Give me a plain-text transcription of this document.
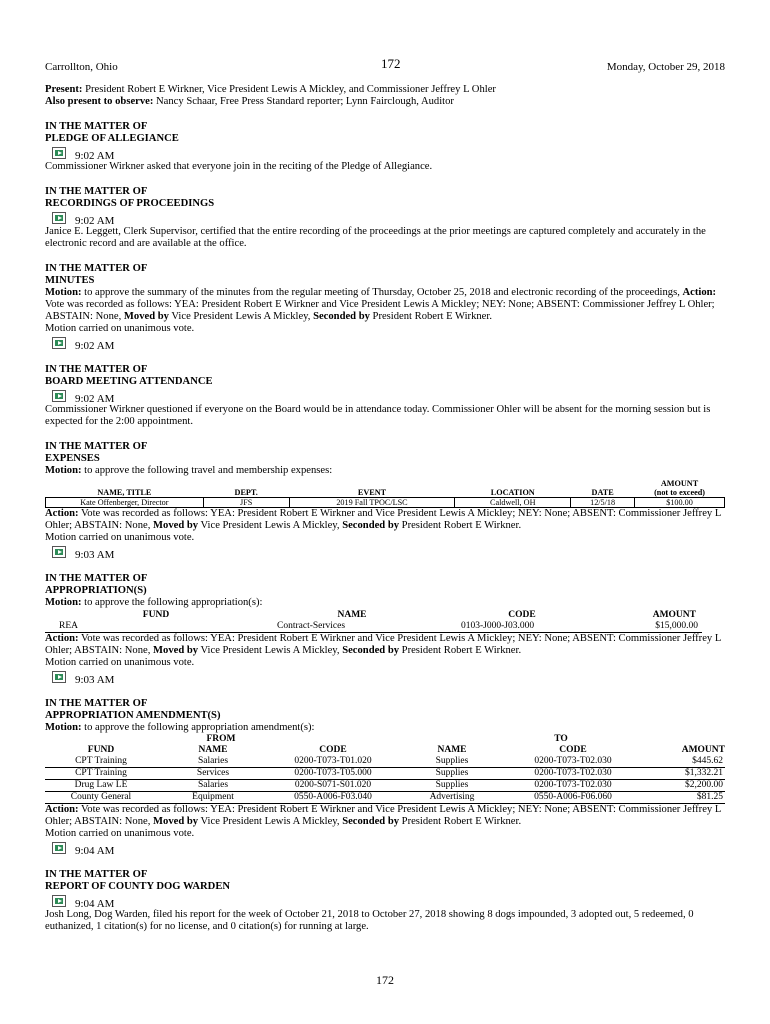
Carrollton, Ohio	172	Monday, October 29, 2018

Present: President Robert E Wirkner, Vice President Lewis A Mickley, and Commissioner Jeffrey L Ohler

Also present to observe: Nancy Schaar, Free Press Standard reporter; Lynn Fairclough, Auditor

IN THE MATTER OF
PLEDGE OF ALLEGIANCE
9:02 AM

Commissioner Wirkner asked that everyone join in the reciting of the Pledge of Allegiance.

IN THE MATTER OF
RECORDINGS OF PROCEEDINGS
9:02 AM

Janice E. Leggett, Clerk Supervisor, certified that the entire recording of the proceedings at the prior meetings are captured completely and accurately in the electronic record and are available at the office.

IN THE MATTER OF
MINUTES

Motion: to approve the summary of the minutes from the regular meeting of Thursday, October 25, 2018 and electronic recording of the proceedings, Action: Vote was recorded as follows: YEA: President Robert E Wirkner and Vice President Lewis A Mickley; NEY: None; ABSENT: Commissioner Jeffrey L Ohler; ABSTAIN: None, Moved by Vice President Lewis A Mickley, Seconded by President Robert E Wirkner.

Motion carried on unanimous vote.

9:02 AM
IN THE MATTER OF
BOARD MEETING ATTENDANCE
9:02 AM

Commissioner Wirkner questioned if everyone on the Board would be in attendance today. Commissioner Ohler will be absent for the morning session but is expected for the 2:00 appointment.

IN THE MATTER OF
EXPENSES

Motion: to approve the following travel and membership expenses:

NAME, TITLE	DEPT.	EVENT	LOCATION	DATE	AMOUNT
(not to exceed)
Kate Offenberger, Director	JFS	2019 Fall TPOC/LSC	Caldwell, OH	12/5/18	$100.00

Action: Vote was recorded as follows: YEA: President Robert E Wirkner and Vice President Lewis A Mickley; NEY: None; ABSENT: Commissioner Jeffrey L Ohler; ABSTAIN: None, Moved by Vice President Lewis A Mickley, Seconded by President Robert E Wirkner.

Motion carried on unanimous vote.

9:03 AM
IN THE MATTER OF
APPROPRIATION(S)

Motion: to approve the following appropriation(s):

FUND	NAME	CODE	AMOUNT
REA	Contract-Services	0103-J000-J03.000	$15,000.00

Action: Vote was recorded as follows: YEA: President Robert E Wirkner and Vice President Lewis A Mickley; NEY: None; ABSENT: Commissioner Jeffrey L Ohler; ABSTAIN: None, Moved by Vice President Lewis A Mickley, Seconded by President Robert E Wirkner.

Motion carried on unanimous vote.

9:03 AM
IN THE MATTER OF
APPROPRIATION AMENDMENT(S)

Motion: to approve the following appropriation amendment(s):

FROM			TO		
FUND	NAME	CODE	NAME	CODE	AMOUNT
CPT Training	Salaries	0200-T073-T01.020	Supplies	0200-T073-T02.030	$445.62
CPT Training	Services	0200-T073-T05.000	Supplies	0200-T073-T02.030	$1,332.21
Drug Law LE	Salaries	0200-S071-S01.020	Supplies	0200-T073-T02.030	$2,200.00
County General	Equipment	0550-A006-F03.040	Advertising	0550-A006-F06.060	$81.25

Action: Vote was recorded as follows: YEA: President Robert E Wirkner and Vice President Lewis A Mickley; NEY: None; ABSENT: Commissioner Jeffrey L Ohler; ABSTAIN: None, Moved by Vice President Lewis A Mickley, Seconded by President Robert E Wirkner.

Motion carried on unanimous vote.

9:04 AM
IN THE MATTER OF
REPORT OF COUNTY DOG WARDEN
9:04 AM

Josh Long, Dog Warden, filed his report for the week of October 21, 2018 to October 27, 2018 showing 8 dogs impounded, 3 adopted out, 5 redeemed, 0 euthanized, 1 citation(s) for no license, and 0 citation(s) for running at large.

172
